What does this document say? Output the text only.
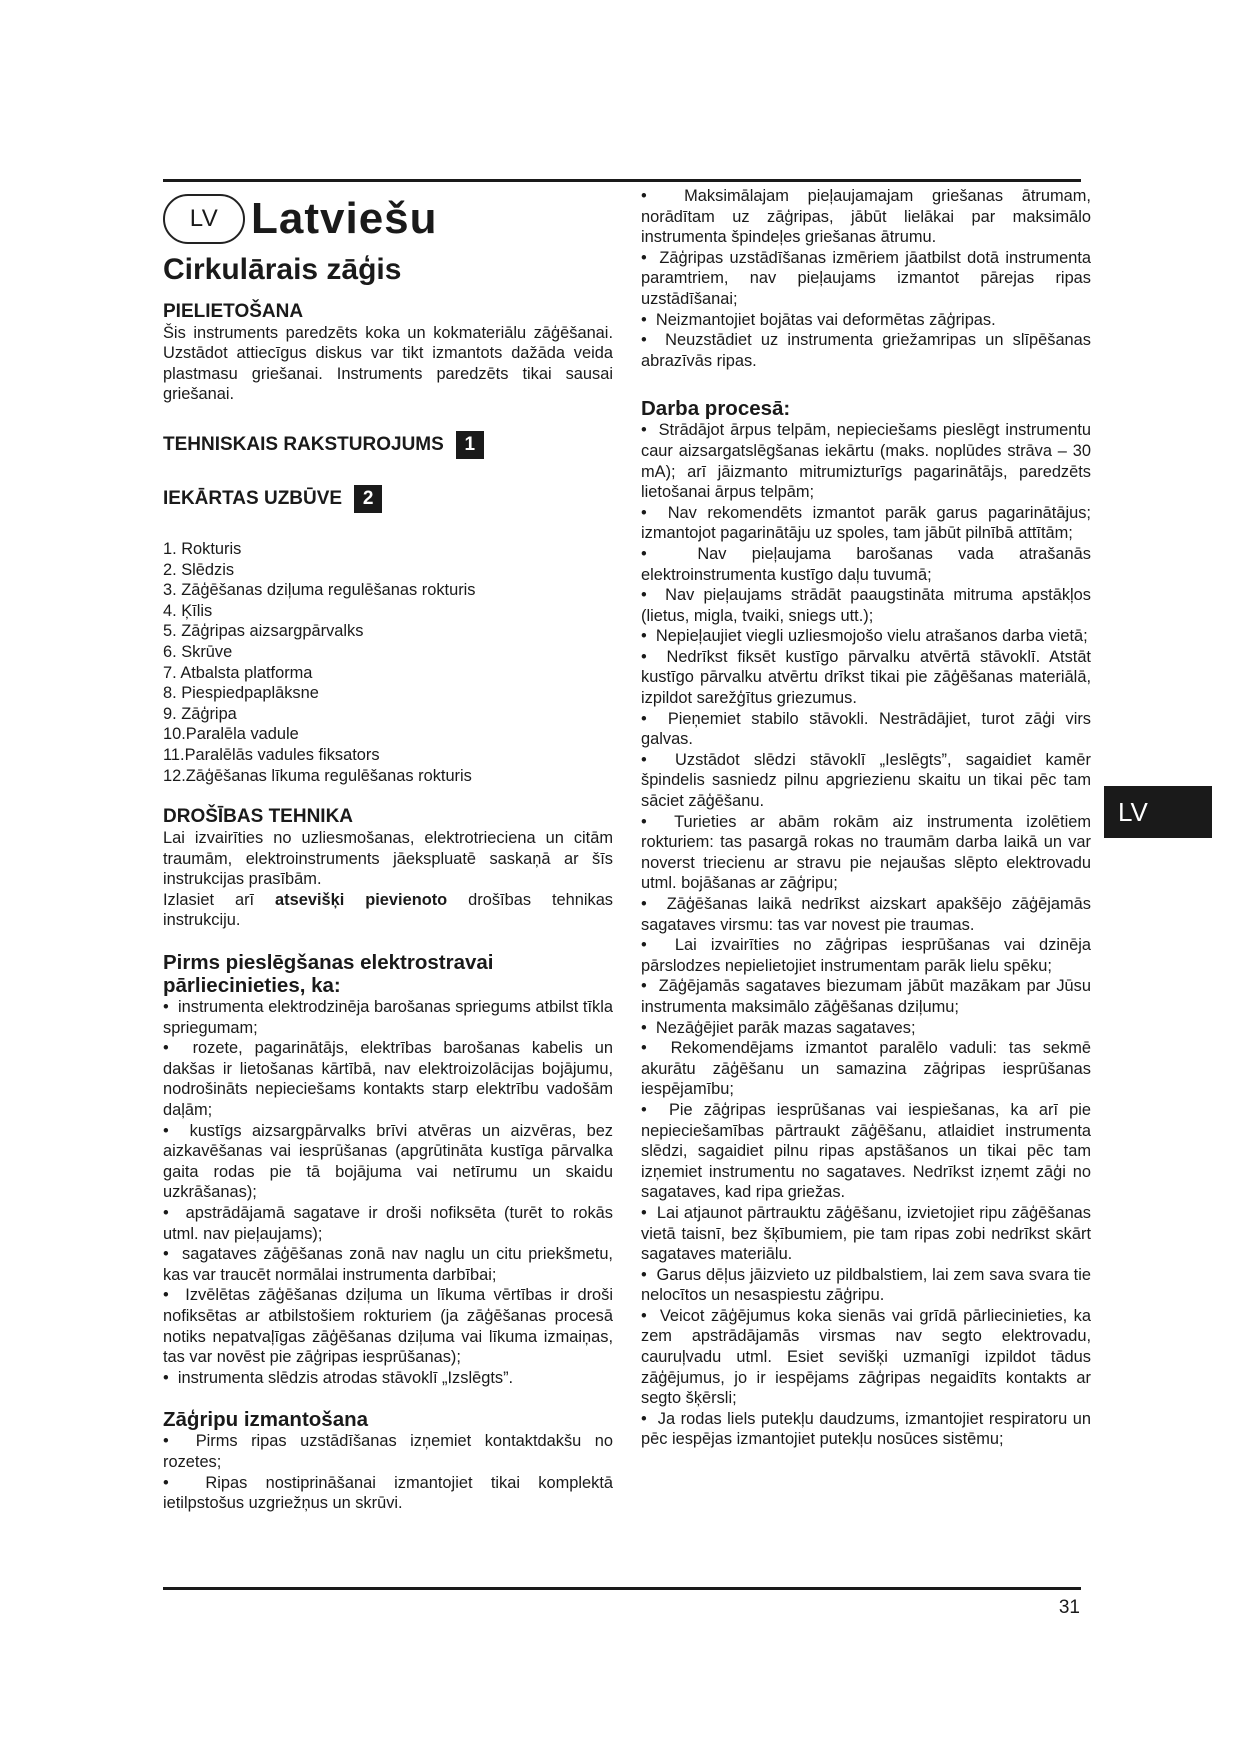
LV Latviešu
Cirkulārais zāģis
PIELIETOŠANA

Šis instruments paredzēts koka un kokmateriālu zāģēšanai. Uzstādot attiecīgus diskus var tikt izmantots dažāda veida plastmasu griešanai. Instruments paredzēts tikai sausai griešanai.

TEHNISKAIS RAKSTUROJUMS	1
IEKĀRTAS UZBŪVE	2
1. Rokturis
2. Slēdzis
3. Zāģēšanas dziļuma regulēšanas rokturis
4. Ķīlis
5. Zāģripas aizsargpārvalks
6. Skrūve
7. Atbalsta platforma
8. Piespiedpaplāksne
9. Zāģripa
10.Paralēla vadule
11.Paralēlās vadules fiksators
12.Zāģēšanas līkuma regulēšanas rokturis
DROŠĪBAS TEHNIKA

Lai izvairīties no uzliesmošanas, elektrotrieciena un citām traumām, elektroinstruments jāekspluatē saskaņā ar šīs instrukcijas prasībām.

Izlasiet arī atsevišķi pievienoto drošības tehnikas instrukciju.

Pirms pieslēgšanas elektrostravai pārliecinieties, ka:
•  instrumenta elektrodzinēja barošanas spriegums atbilst tīkla spriegumam;
•  rozete, pagarinātājs, elektrības barošanas kabelis un dakšas ir lietošanas kārtībā, nav elektroizolācijas bojājumu, nodrošināts nepieciešams kontakts starp elektrību vadošām daļām;
•  kustīgs aizsargpārvalks brīvi atvēras un aizvēras, bez aizkavēšanas vai iesprūšanas (apgrūtināta kustīga pārvalka gaita rodas pie tā bojājuma vai netīrumu un skaidu uzkrāšanas);
•  apstrādājamā sagatave ir droši nofiksēta (turēt to rokās utml. nav pieļaujams);
•  sagataves zāģēšanas zonā nav naglu un citu priekšmetu, kas var traucēt normālai instrumenta darbībai;
•  Izvēlētas zāģēšanas dziļuma un līkuma vērtības ir droši nofiksētas ar atbilstošiem rokturiem (ja zāģēšanas procesā notiks nepatvaļīgas zāģēšanas dziļuma vai līkuma izmaiņas, tas var novēst pie zāģripas iesprūšanas);
•  instrumenta slēdzis atrodas stāvoklī „Izslēgts”.
Zāģripu izmantošana
•  Pirms ripas uzstādīšanas izņemiet kontaktdakšu no rozetes;
•  Ripas nostiprināšanai izmantojiet tikai komplektā ietilpstošus uzgriežņus un skrūvi.
•  Maksimālajam pieļaujamajam griešanas ātrumam, norādītam uz zāģripas, jābūt lielākai par maksimālo instrumenta špindeļes griešanas ātrumu.
•  Zāģripas uzstādīšanas izmēriem jāatbilst dotā instrumenta paramtriem, nav pieļaujams izmantot pārejas ripas uzstādīšanai;
•  Neizmantojiet bojātas vai deformētas zāģripas.
•  Neuzstādiet uz instrumenta griežamripas un slīpēšanas abrazīvās ripas.
Darba procesā:
•  Strādājot ārpus telpām, nepieciešams pieslēgt instrumentu caur aizsargatslēgšanas iekārtu (maks. noplūdes strāva – 30 mA); arī jāizmanto mitrumizturīgs pagarinātājs, paredzēts lietošanai ārpus telpām;
•  Nav rekomendēts izmantot parāk garus pagarinātājus; izmantojot pagarinātāju uz spoles, tam jābūt pilnībā attītām;
•  Nav pieļaujama barošanas vada atrašanās elektroinstrumenta kustīgo daļu tuvumā;
•  Nav pieļaujams strādāt paaugstināta mitruma apstākļos (lietus, migla, tvaiki, sniegs utt.);
•  Nepieļaujiet viegli uzliesmojošo vielu atrašanos darba vietā;
•  Nedrīkst fiksēt kustīgo pārvalku atvērtā stāvoklī. Atstāt kustīgo pārvalku atvērtu drīkst tikai pie zāģēšanas materiālā, izpildot sarežģītus griezumus.
•  Pieņemiet stabilo stāvokli. Nestrādājiet, turot zāģi virs galvas.
•  Uzstādot slēdzi stāvoklī „Ieslēgts”, sagaidiet kamēr špindelis sasniedz pilnu apgriezienu skaitu un tikai pēc tam sāciet zāģēšanu.
•  Turieties ar abām rokām aiz instrumenta izolētiem rokturiem: tas pasargā rokas no traumām darba laikā un var noverst triecienu ar stravu pie nejaušas slēpto elektrovadu utml. bojāšanas ar zāģripu;
•  Zāģēšanas laikā nedrīkst aizskart apakšējo zāģējamās sagataves virsmu: tas var novest pie traumas.
•  Lai izvairīties no zāģripas iesprūšanas vai dzinēja pārslodzes nepielietojiet instrumentam parāk lielu spēku;
•  Zāģējamās sagataves biezumam jābūt mazākam par Jūsu instrumenta maksimālo zāģēšanas dziļumu;
•  Nezāģējiet parāk mazas sagataves;
•  Rekomendējams izmantot paralēlo vaduli: tas sekmē akurātu zāģēšanu un samazina zāģripas iesprūšanas iespējamību;
•  Pie zāģripas iesprūšanas vai iespiešanas, ka arī pie nepieciešamības pārtraukt zāģēšanu, atlaidiet instrumenta slēdzi, sagaidiet pilnu ripas apstāšanos un tikai pēc tam izņemiet instrumentu no sagataves. Nedrīkst izņemt zāģi no sagataves, kad ripa griežas.
•  Lai atjaunot pārtrauktu zāģēšanu, izvietojiet ripu zāģēšanas vietā taisnī, bez šķībumiem, pie tam ripas zobi nedrīkst skārt sagataves materiālu.
•  Garus dēļus jāizvieto uz pildbalstiem, lai zem sava svara tie nelocītos un nesaspiestu zāģripu.
•  Veicot zāģējumus koka sienās vai grīdā pārliecinieties, ka zem apstrādājamās virsmas nav segto elektrovadu, cauruļvadu utml. Esiet sevišķi uzmanīgi izpildot tādus zāģējumus, jo ir iespējams zāģripas negaidīts kontakts ar segto šķērsli;
•  Ja rodas liels putekļu daudzums, izmantojiet respiratoru un pēc iespējas izmantojiet putekļu nosūces sistēmu;
LV
31
